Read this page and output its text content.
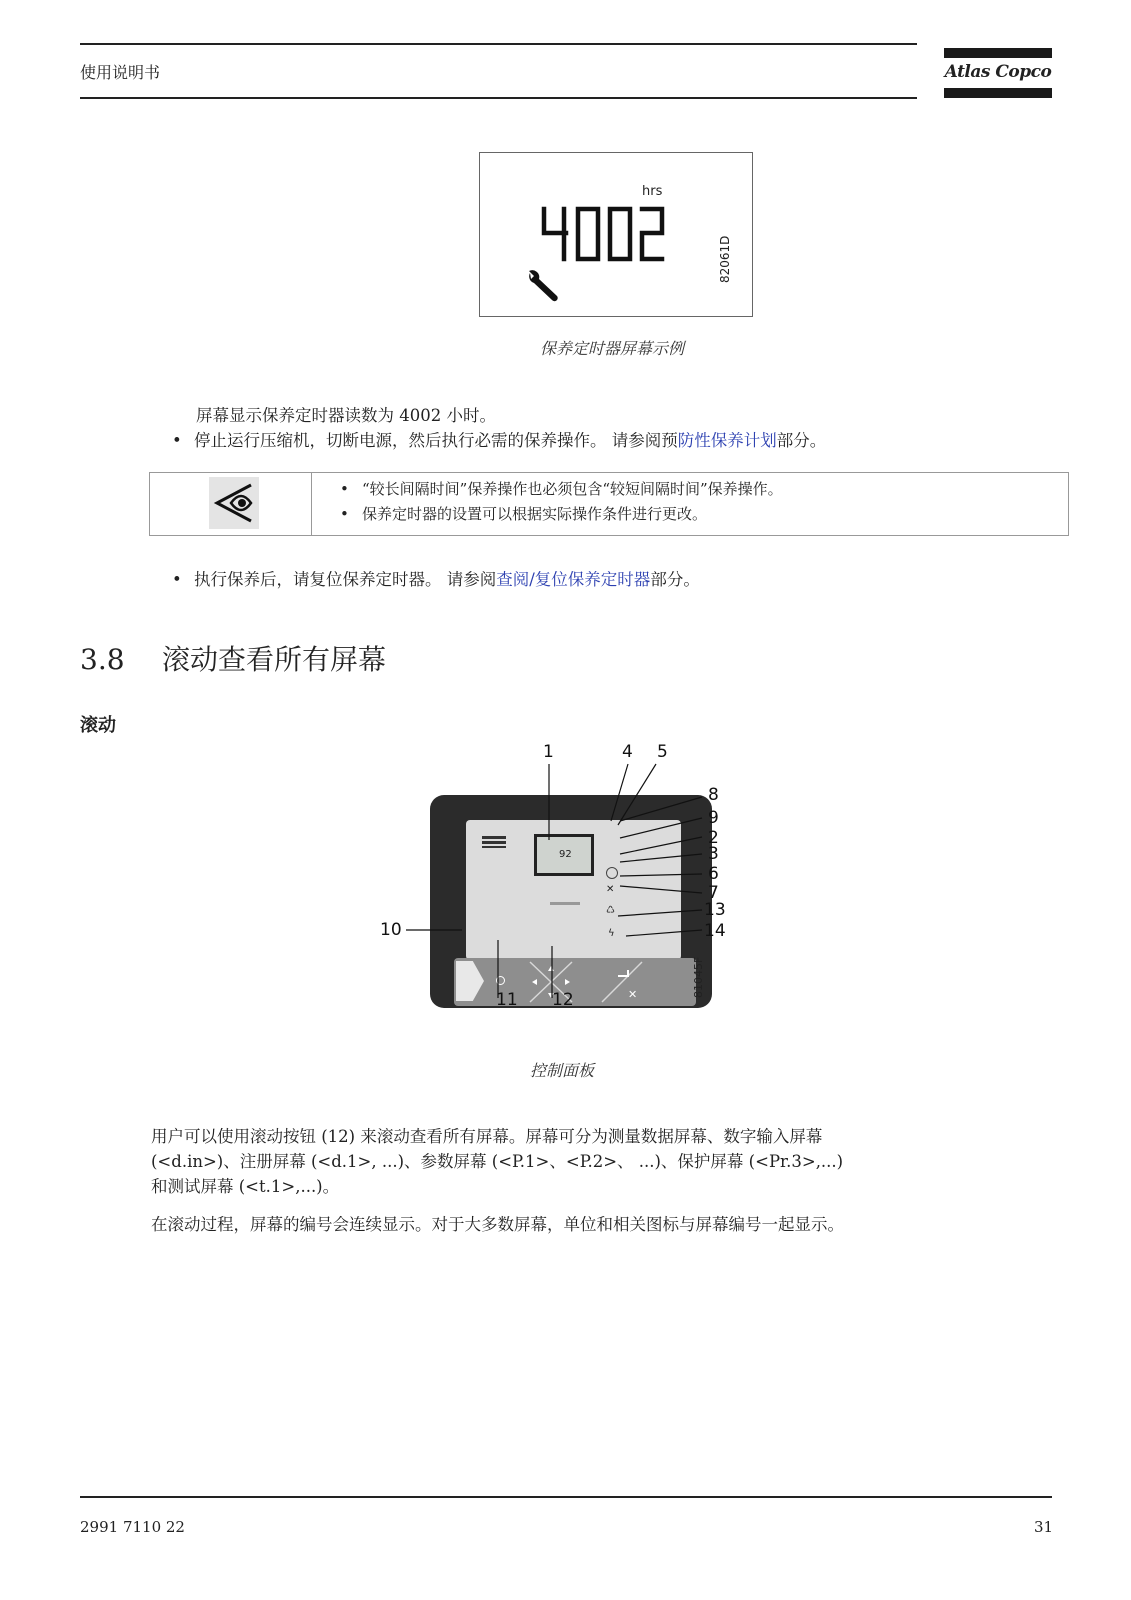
使用说明书	Atlas Copco
hrs
82061D
保养定时器屏幕示例
屏幕显示保养定时器读数为 4002 小时。
• 停止运行压缩机，切断电源，然后执行必需的保养操作。 请参阅预防性保养计划部分。
• “较长间隔时间”保养操作也必须包含“较短间隔时间”保养操作。
• 保养定时器的设置可以根据实际操作条件进行更改。
• 执行保养后，请复位保养定时器。 请参阅查阅/复位保养定时器部分。
3.8 滚动查看所有屏幕
滚动
92
✕
♺
ϟ
✕
1	4 5
8
9
2
3
6
7
13
14
10
11 12
81045F
控制面板
用户可以使用滚动按钮 (12) 来滚动查看所有屏幕。屏幕可分为测量数据屏幕、数字输入屏幕
(<d.in>)、注册屏幕 (<d.1>, ...)、参数屏幕 (<P.1>、<P.2>、 ...)、保护屏幕 (<Pr.3>,...)
和测试屏幕 (<t.1>,...)。
在滚动过程，屏幕的编号会连续显示。对于大多数屏幕，单位和相关图标与屏幕编号一起显示。
2991 7110 22	31
